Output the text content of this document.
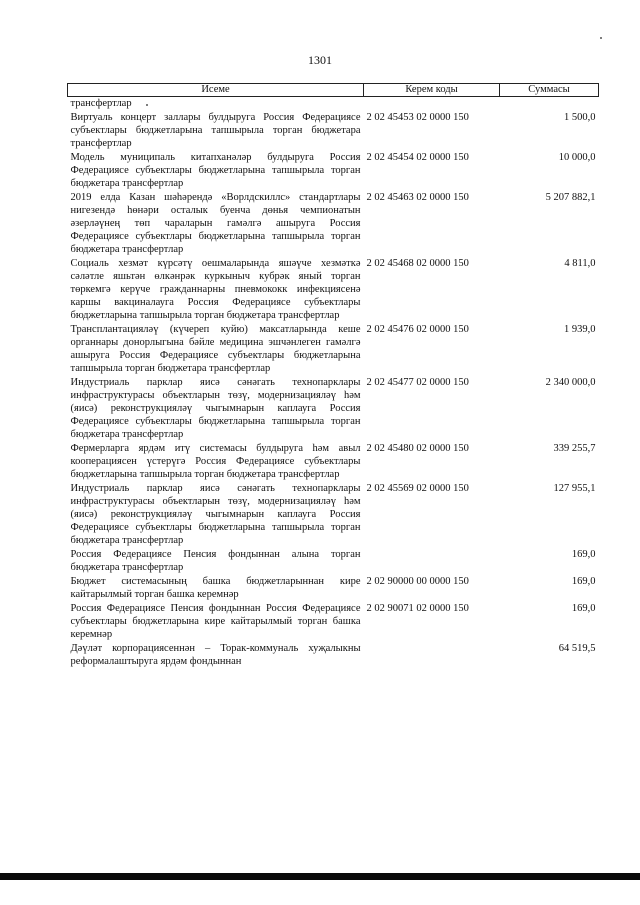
1301
Исеме	Керем коды	Суммасы
трансфертлар		
Виртуаль концерт заллары булдыруга Россия Федерациясе субъектлары бюджетларына тапшырыла торган бюджетара трансфертлар	2 02 45453 02 0000 150	1 500,0
Модель муниципаль китапханәләр булдыруга Россия Федерациясе субъектлары бюджетларына тапшырыла торган бюджетара трансфертлар	2 02 45454 02 0000 150	10 000,0
2019 елда Казан шәһәрендә «Ворлдскиллс» стандартлары нигезендә һөнәри осталык буенча дөнья чемпионатын әзерләүнең төп чараларын гамәлгә ашыруга Россия Федерациясе субъектлары бюджетларына тапшырыла торган бюджетара трансфертлар	2 02 45463 02 0000 150	5 207 882,1
Социаль хезмәт күрсәтү оешмаларында яшәүче хезмәткә сәләтле яшьтән өлкәнрәк куркыныч кубрәк яный торган төркемгә керүче гражданнарны пневмококк инфекциясенә каршы вакциналауга Россия Федерациясе субъектлары бюджетларына тапшырыла торган бюджетара трансфертлар	2 02 45468 02 0000 150	4 811,0
Трансплантацияләү (күчереп куйю) максатларында кеше органнары донорлыгына бәйле медицина эшчәнлеген гамәлгә ашыруга Россия Федерациясе субъектлары бюджетларына тапшырыла торган бюджетара трансфертлар	2 02 45476 02 0000 150	1 939,0
Индустриаль парклар яисә сәнәгать технопарклары инфраструктурасы объектларын төзү, модернизацияләү һәм (яисә) реконструкцияләү чыгымнарын каплауга Россия Федерациясе субъектлары бюджетларына тапшырыла торган бюджетара трансфертлар	2 02 45477 02 0000 150	2 340 000,0
Фермерларга ярдәм итү системасы булдыруга һәм авыл кооперациясен үстерүгә Россия Федерациясе субъектлары бюджетларына тапшырыла торган бюджетара трансфертлар	2 02 45480 02 0000 150	339 255,7
Индустриаль парклар яисә сәнәгать технопарклары инфраструктурасы объектларын төзү, модернизацияләү һәм (яисә) реконструкцияләү чыгымнарын каплауга Россия Федерациясе субъектлары бюджетларына тапшырыла торган бюджетара трансфертлар	2 02 45569 02 0000 150	127 955,1
Россия Федерациясе Пенсия фондыннан алына торган бюджетара трансфертлар		169,0
Бюджет системасының башка бюджетларыннан кире кайтарылмый торган башка керемнәр	2 02 90000 00 0000 150	169,0
Россия Федерациясе Пенсия фондыннан Россия Федерациясе субъектлары бюджетларына кире кайтарылмый торган башка керемнәр	2 02 90071 02 0000 150	169,0
Дәүләт корпорациясеннән – Торак-коммуналь хуҗалыкны реформалаштыруга ярдәм фондыннан		64 519,5
